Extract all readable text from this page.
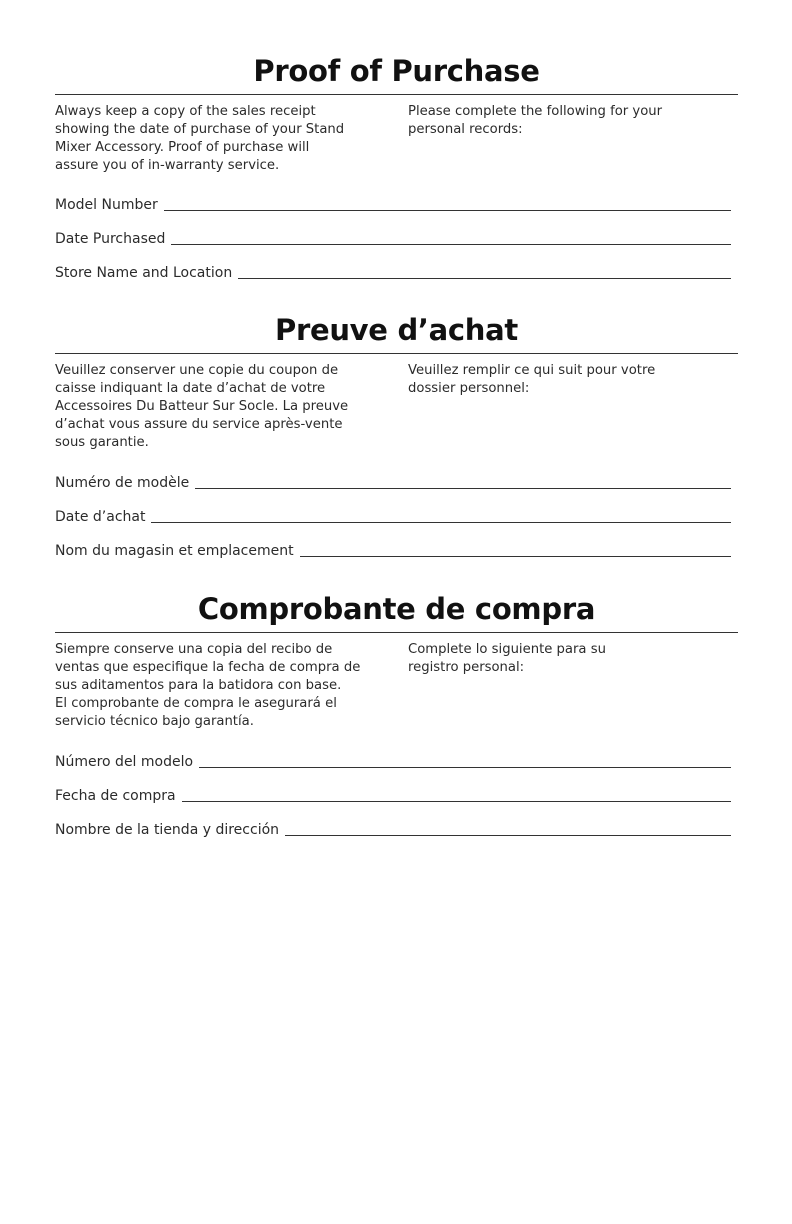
Proof of Purchase
Always keep a copy of the sales receipt
showing the date of purchase of your Stand
Mixer Accessory. Proof of purchase will
assure you of in-warranty service.
Please complete the following for your
personal records:
Model Number
Date Purchased
Store Name and Location
Preuve d’achat
Veuillez conserver une copie du coupon de
caisse indiquant la date d’achat de votre
Accessoires Du Batteur Sur Socle. La preuve
d’achat vous assure du service après-vente
sous garantie.
Veuillez remplir ce qui suit pour votre
dossier personnel:
Numéro de modèle
Date d’achat
Nom du magasin et emplacement
Comprobante de compra
Siempre conserve una copia del recibo de
ventas que especifique la fecha de compra de
sus aditamentos para la batidora con base.
El comprobante de compra le asegurará el
servicio técnico bajo garantía.
Complete lo siguiente para su
registro personal:
Número del modelo
Fecha de compra
Nombre de la tienda y dirección
